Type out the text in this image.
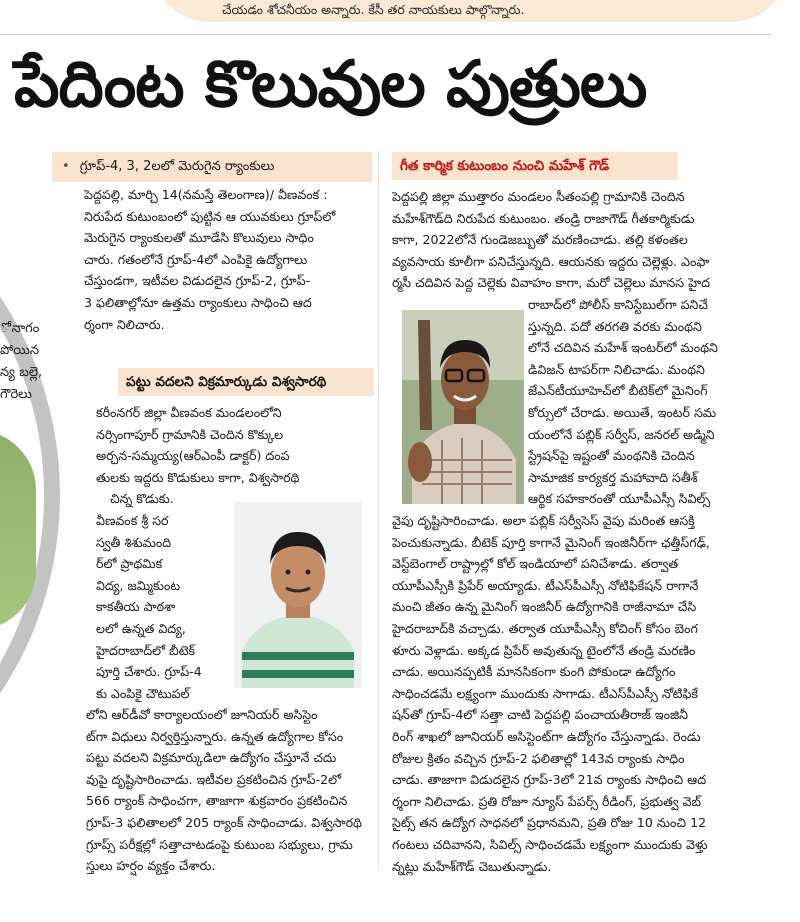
చేయడం శోచనీయం అన్నారు. కేసీ తర నాయకులు పాల్గొన్నారు.
పేదింట కొలువుల పుత్రులు
ో నాగం
పోయిన
న్య బల్లె,
గౌరెలు
• గ్రూప్-4, 3, 2లలో మెరుగైన ర్యాంకులు

పెద్దపల్లి, మార్చి 14(నమస్తే తెలంగాణ)/ వీణవంక :
నిరుపేద కుటుంబంలో పుట్టిన ఆ యువకులు గ్రూప్‌లో
మెరుగైన ర్యాంకులతో మూడేసి కొలువులు సాధిం
చారు. గతంలోనే గ్రూప్-4లో ఎంపికై ఉద్యోగాలు
చేస్తుండగా, ఇటీవల విడుదలైన గ్రూప్-2, గ్రూప్-
3 ఫలితాల్లోనూ ఉత్తమ ర్యాంకులు సాధించి ఆద
ర్శంగా నిలిచారు.

పట్టు వదలని విక్రమార్కుడు విశ్వసారథి

కరీంనగర్ జిల్లా వీణవంక మండలంలోని
నర్సింగాపూర్ గ్రామానికి చెందిన కొక్కుల
అర్చన-సమ్మయ్య(ఆర్‌ఎంపీ డాక్టర్) దంప
తులకు ఇద్దరు కొడుకులు కాగా, విశ్వసారథి
చిన్న కొడుకు.

వీణవంక శ్రీ సర
స్వతీ శిశుమంది
ర్‌లో ప్రాథమిక
విద్య, జమ్మికుంట
కాకతీయ పాఠశా
లలో ఉన్నత విద్య,
హైదరాబాద్‌లో బీటెక్
పూర్తి చేశారు. గ్రూప్-4
కు ఎంపికై చౌటుపల్

లోని ఆర్‌డీవో కార్యాలయంలో జూనియర్ అసిస్టెం
ట్‌గా విధులు నిర్వర్తిస్తున్నారు. ఉన్నత ఉద్యోగాల కోసం
పట్టు వదలని విక్రమార్కుడిలా ఉద్యోగం చేస్తూనే చదు
వుపై దృష్టిసారించాడు. ఇటీవల ప్రకటించిన గ్రూప్-2లో
566 ర్యాంక్ సాధించగా, తాజాగా శుక్రవారం ప్రకటించిన
గ్రూప్-3 ఫలితాలలో 205 ర్యాంక్ సాధించాడు. విశ్వసారథి
గ్రూప్స్ పరీక్షల్లో సత్తాచాటడంపై కుటుంబ సభ్యులు, గ్రామ
స్తులు హర్షం వ్యక్తం చేశారు.

గీత కార్మిక కుటుంబం నుంచి మహేశ్ గౌడ్

పెద్దపల్లి జిల్లా ముత్తారం మండలం సీతంపల్లి గ్రామానికి చెందిన
మహేశ్‌గౌడ్‌ది నిరుపేద కుటుంబం. తండ్రి రాజాగౌడ్ గీతకార్మికుడు
కాగా, 2022లోనే గుండెజబ్బుతో మరణించాడు. తల్లి కళంతల
వ్యవసాయ కూలీగా పనిచేస్తున్నది. ఆయనకు ఇద్దరు చెల్లెళ్లు. ఎంఫా
ర్మసీ చదివిన పెద్ద చెల్లెకు వివాహం కాగా, మరో చెల్లెలు మానస హైద

రాబాద్‌లో పోలీస్ కానిస్టేబుల్‌గా పనిచే
స్తున్నది. పదో తరగతి వరకు మంథని
లోనే చదివిన మహేశ్ ఇంటర్‌లో మంథని
డివిజన్ టాపర్‌గా నిలిచాడు. మంథని
జేఎన్‌టీయూహెచ్‌లో బీటెక్‌లో మైనింగ్
కోర్సులో చేరాడు. అయితే, ఇంటర్ సమ
యంలోనే పబ్లిక్ సర్వీస్, జనరల్ అడ్మిని
స్ట్రేషన్‌పై ఇష్టంతో మంథనికి చెందిన
సామాజిక కార్యకర్త మహావాది సతీశ్
ఆర్థిక సహకారంతో యూపీఎస్సీ సివిల్స్

వైపు దృష్టిసారించాడు. అలా పబ్లిక్ సర్వీసెస్ వైపు మరింత ఆసక్తి
పెంచుకున్నాడు. బీటెక్ పూర్తి కాగానే మైనింగ్ ఇంజినీర్‌గా ఛత్తీస్‌గఢ్,
వెస్ట్‌బెంగాల్ రాష్ట్రాల్లో కోల్ ఇండియాలో పనిచేశాడు. తర్వాత
యూపీఎస్సీకి ప్రిపేర్ అయ్యాడు. టీఎస్‌పీఎస్సీ నోటిఫికేషన్ రాగానే
మంచి జీతం ఉన్న మైనింగ్ ఇంజినీర్ ఉద్యోగానికి రాజీనామా చేసి
హైదరాబాద్‌కి వచ్చాడు. తర్వాత యూపీఎస్సీ కోచింగ్ కోసం బెంగ
ళూరు వెళ్లాడు. అక్కడ ప్రిపేర్ అవుతున్న టైంలోనే తండ్రి మరణిం
చాడు. అయినప్పటికీ మానసికంగా కుంగి పోకుండా ఉద్యోగం
సాధించడమే లక్ష్యంగా ముందుకు సాగాడు. టీఎస్‌పీఎస్సీ నోటిఫికే
షన్‌తో గ్రూప్-4లో సత్తా చాటి పెద్దపల్లి పంచాయతీరాజ్ ఇంజినీ
రింగ్ శాఖలో జూనియర్ అసిస్టెంట్‌గా ఉద్యోగం చేస్తున్నాడు. రెండు
రోజుల క్రితం వచ్చిన గ్రూప్-2 ఫలితాల్లో 143వ ర్యాంకు సాధిం
చాడు. తాజాగా విడుదలైన గ్రూప్-3లో 21వ ర్యాంకు సాధించి ఆద
ర్శంగా నిలిచాడు. ప్రతి రోజూ న్యూస్ పేపర్స్ రీడింగ్, ప్రభుత్వ వెబ్
సైట్స్ తన ఉద్యోగ సాధనలో ప్రధానమని, ప్రతి రోజు 10 నుంచి 12
గంటలు చదివానని, సివిల్స్ సాధించడమే లక్ష్యంగా ముందుకు వెళ్తు
న్నట్లు మహేశ్‌గౌడ్ చెబుతున్నాడు.
